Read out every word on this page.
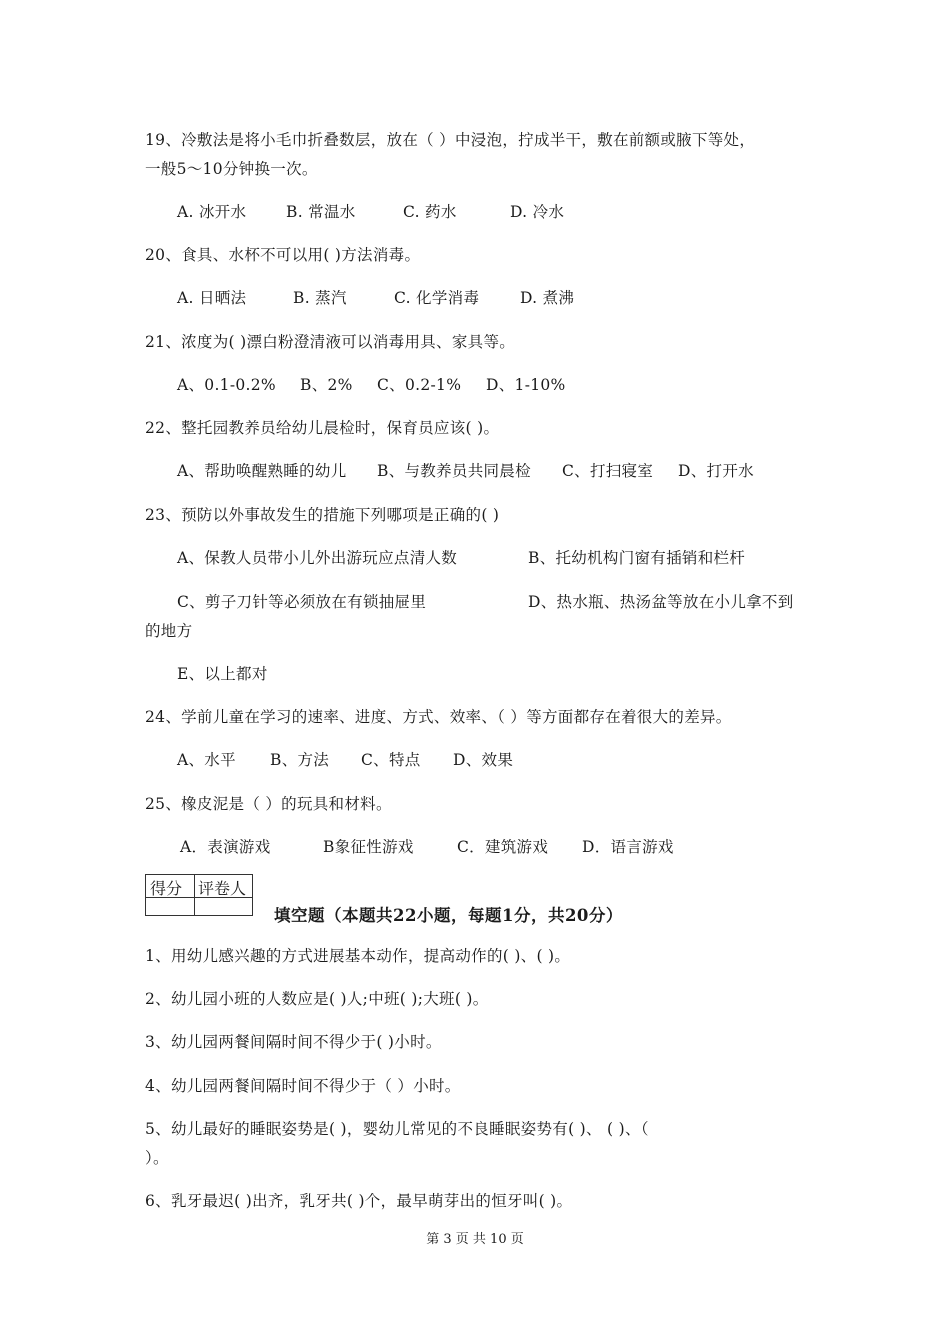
19、冷敷法是将小毛巾折叠数层，放在（ ）中浸泡，拧成半干，敷在前额或腋下等处，
一般5～10分钟换一次。
A. 冰开水	B. 常温水	C. 药水	D. 冷水
20、食具、水杯不可以用( )方法消毒。
A. 日晒法	B. 蒸汽	C. 化学消毒	D. 煮沸
21、浓度为( )漂白粉澄清液可以消毒用具、家具等。
A、0.1-0.2% B、2% C、0.2-1% D、1-10%
22、整托园教养员给幼儿晨检时，保育员应该( )。
A、帮助唤醒熟睡的幼儿 B、与教养员共同晨检 C、打扫寝室 D、打开水
23、预防以外事故发生的措施下列哪项是正确的( )
A、保教人员带小儿外出游玩应点清人数	B、托幼机构门窗有插销和栏杆
C、剪子刀针等必须放在有锁抽屉里	D、热水瓶、热汤盆等放在小儿拿不到
的地方
E、以上都对
24、学前儿童在学习的速率、进度、方式、效率、（ ）等方面都存在着很大的差异。
A、水平 B、方法 C、特点 D、效果
25、橡皮泥是（ ）的玩具和材料。
A．表演游戏	B象征性游戏	C．建筑游戏 D．语言游戏
得分 评卷人
填空题（本题共22小题，每题1分，共20分）
1、用幼儿感兴趣的方式进展基本动作，提高动作的( )、( )。
2、幼儿园小班的人数应是( )人;中班( );大班( )。
3、幼儿园两餐间隔时间不得少于( )小时。
4、幼儿园两餐间隔时间不得少于（ ）小时。
5、幼儿最好的睡眠姿势是( )，婴幼儿常见的不良睡眠姿势有( )、 ( )、（
）。
6、乳牙最迟( )出齐，乳牙共( )个，最早萌芽出的恒牙叫( )。
第 3 页 共 10 页
